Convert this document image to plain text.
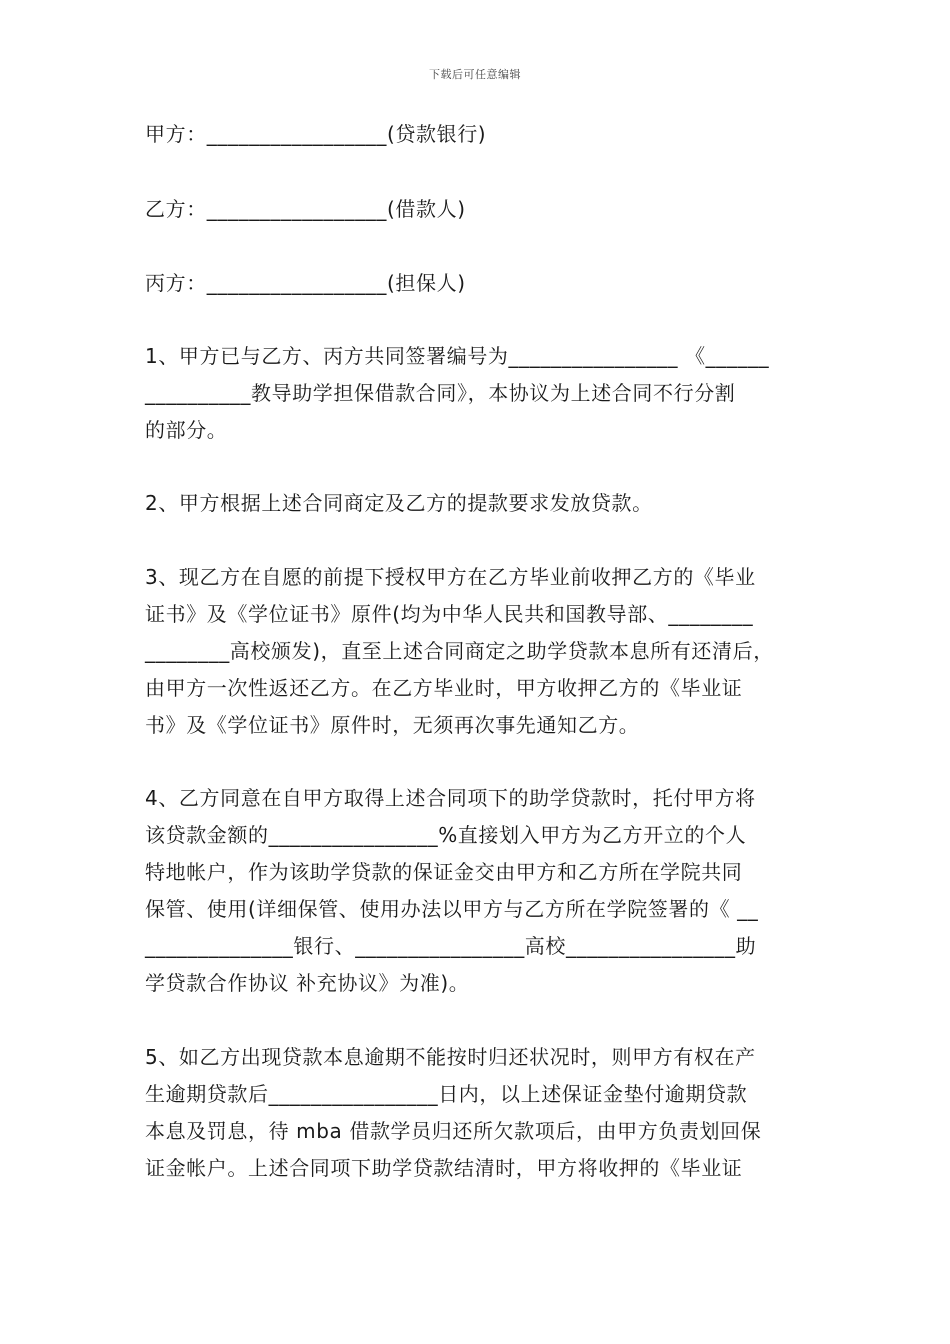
下载后可任意编辑
甲方：_________________(贷款银行)
乙方：_________________(借款人)
丙方：_________________(担保人)
1、甲方已与乙方、丙方共同签署编号为________________ 《______
__________教导助学担保借款合同》，本协议为上述合同不行分割
的部分。
2、甲方根据上述合同商定及乙方的提款要求发放贷款。
3、现乙方在自愿的前提下授权甲方在乙方毕业前收押乙方的《毕业
证书》及《学位证书》原件(均为中华人民共和国教导部、________
________高校颁发)，直至上述合同商定之助学贷款本息所有还清后，
由甲方一次性返还乙方。在乙方毕业时，甲方收押乙方的《毕业证
书》及《学位证书》原件时，无须再次事先通知乙方。
4、乙方同意在自甲方取得上述合同项下的助学贷款时，托付甲方将
该贷款金额的________________%直接划入甲方为乙方开立的个人
特地帐户，作为该助学贷款的保证金交由甲方和乙方所在学院共同
保管、使用(详细保管、使用办法以甲方与乙方所在学院签署的《 __
______________银行、________________高校________________助
学贷款合作协议 补充协议》为准)。
5、如乙方出现贷款本息逾期不能按时归还状况时，则甲方有权在产
生逾期贷款后________________日内，以上述保证金垫付逾期贷款
本息及罚息，待 mba 借款学员归还所欠款项后，由甲方负责划回保
证金帐户。上述合同项下助学贷款结清时，甲方将收押的《毕业证
